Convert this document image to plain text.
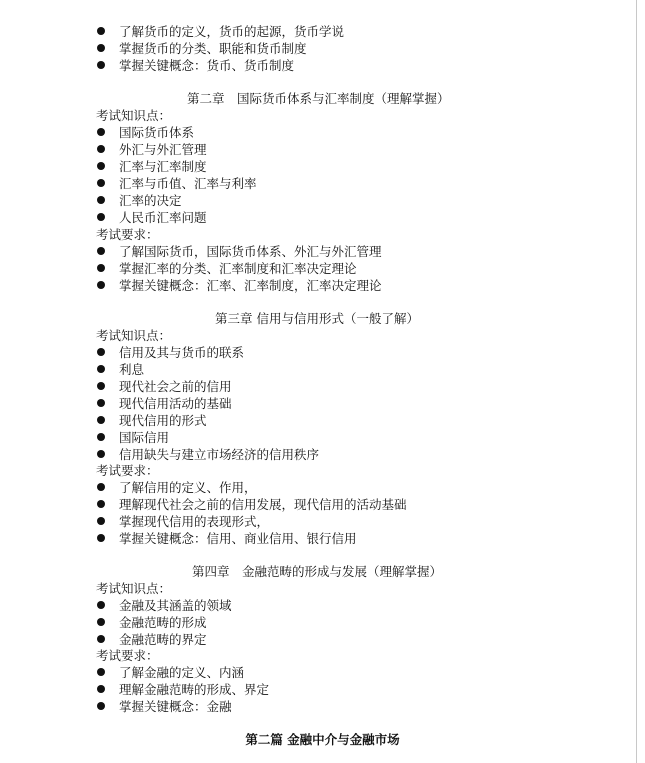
了解货币的定义，货币的起源，货币学说
掌握货币的分类、职能和货币制度
掌握关键概念：货币、货币制度
第二章　国际货币体系与汇率制度（理解掌握）
考试知识点：
国际货币体系
外汇与外汇管理
汇率与汇率制度
汇率与币值、汇率与利率
汇率的决定
人民币汇率问题
考试要求：
了解国际货币，国际货币体系、外汇与外汇管理
掌握汇率的分类、汇率制度和汇率决定理论
掌握关键概念：汇率、汇率制度，汇率决定理论
第三章 信用与信用形式（一般了解）
考试知识点：
信用及其与货币的联系
利息
现代社会之前的信用
现代信用活动的基础
现代信用的形式
国际信用
信用缺失与建立市场经济的信用秩序
考试要求：
了解信用的定义、作用，
理解现代社会之前的信用发展，现代信用的活动基础
掌握现代信用的表现形式，
掌握关键概念：信用、商业信用、银行信用
第四章　金融范畴的形成与发展（理解掌握）
考试知识点：
金融及其涵盖的领域
金融范畴的形成
金融范畴的界定
考试要求：
了解金融的定义、内涵
理解金融范畴的形成、界定
掌握关键概念：金融
第二篇 金融中介与金融市场
